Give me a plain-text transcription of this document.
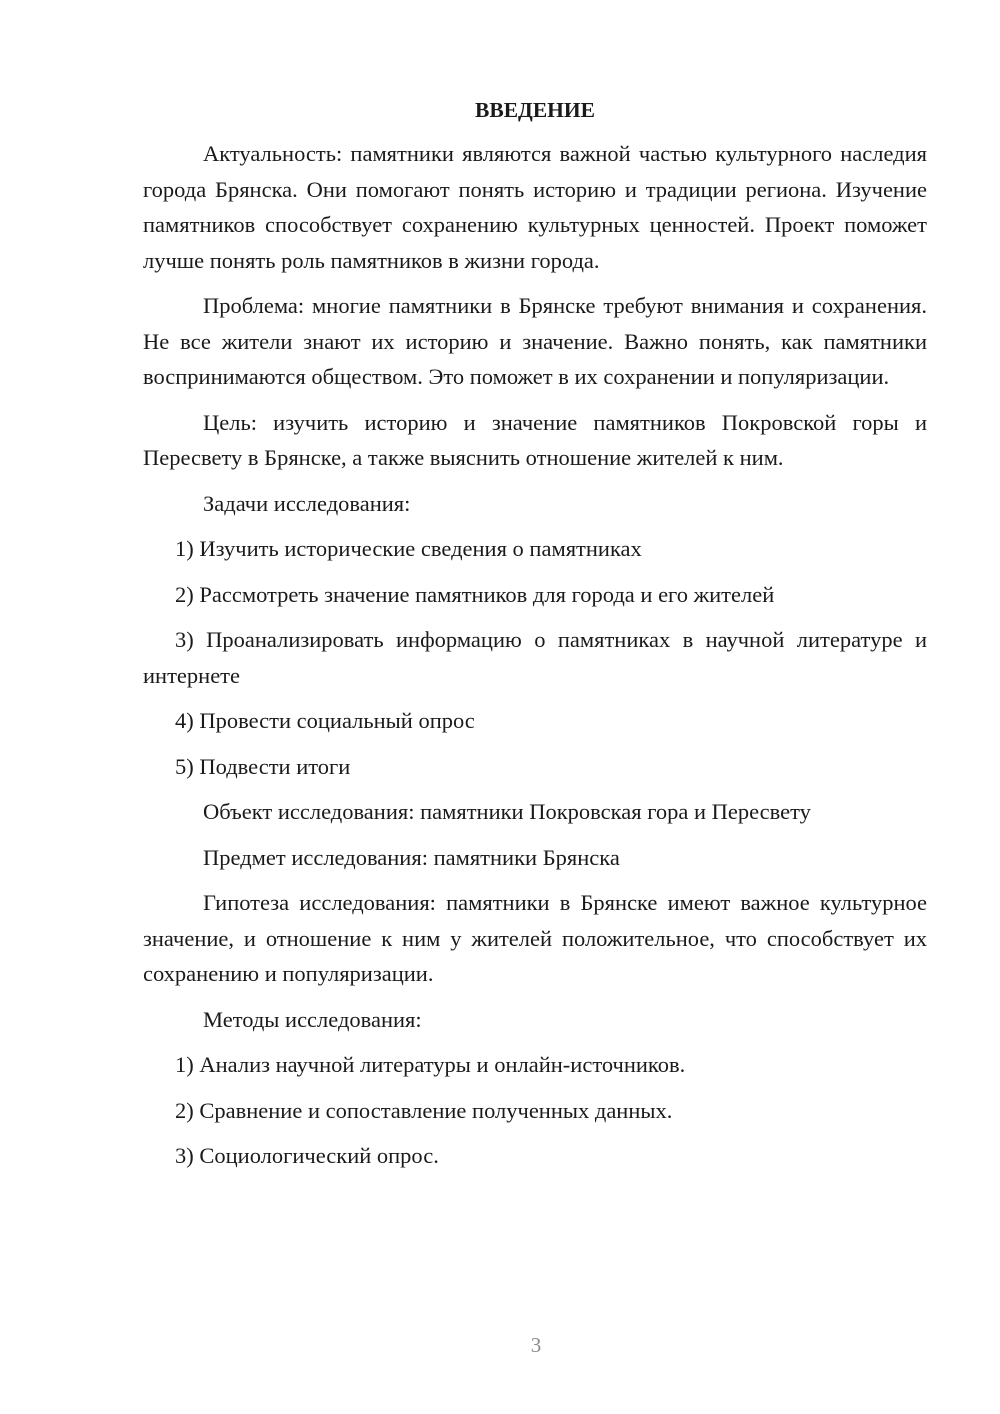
ВВЕДЕНИЕ
Актуальность: памятники являются важной частью культурного наследия города Брянска. Они помогают понять историю и традиции региона. Изучение памятников способствует сохранению культурных ценностей. Проект поможет лучше понять роль памятников в жизни города.
Проблема: многие памятники в Брянске требуют внимания и сохранения. Не все жители знают их историю и значение. Важно понять, как памятники воспринимаются обществом. Это поможет в их сохранении и популяризации.
Цель: изучить историю и значение памятников Покровской горы и Пересвету в Брянске, а также выяснить отношение жителей к ним.
Задачи исследования:
1) Изучить исторические сведения о памятниках
2) Рассмотреть значение памятников для города и его жителей
3) Проанализировать информацию о памятниках в научной литературе и интернете
4) Провести социальный опрос
5) Подвести итоги
Объект исследования: памятники Покровская гора и Пересвету
Предмет исследования: памятники Брянска
Гипотеза исследования: памятники в Брянске имеют важное культурное значение, и отношение к ним у жителей положительное, что способствует их сохранению и популяризации.
Методы исследования:
1) Анализ научной литературы и онлайн-источников.
2) Сравнение и сопоставление полученных данных.
3) Социологический опрос.
3
